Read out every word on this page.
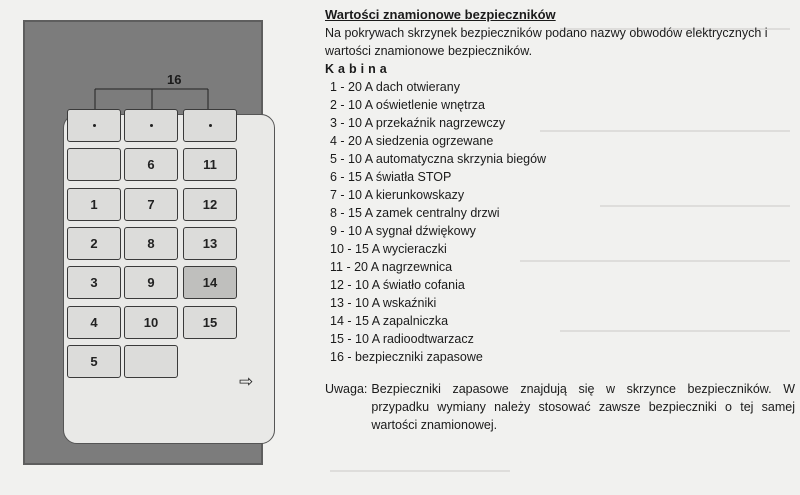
16
6	11
1	7	12
2	8	13
3	9	14
4	10	15
5
⇨

Wartości znamionowe bezpieczników

Na pokrywach skrzynek bezpieczników podano nazwy obwodów elektrycznych i wartości znamionowe bezpieczników.

Kabina

1 - 20 A dach otwierany
2 - 10 A oświetlenie wnętrza
3 - 10 A przekaźnik nagrzewczy
4 - 20 A siedzenia ogrzewane
5 - 10 A automatyczna skrzynia biegów
6 - 15 A światła STOP
7 - 10 A kierunkowskazy
8 - 15 A zamek centralny drzwi
9 - 10 A sygnał dźwiękowy
10 - 15 A wycieraczki
11 - 20 A nagrzewnica
12 - 10 A światło cofania
13 - 10 A wskaźniki
14 - 15 A zapalniczka
15 - 10 A radioodtwarzacz
16 - bezpieczniki zapasowe
Uwaga: Bezpieczniki zapasowe znajdują się w skrzynce bezpieczników. W przypadku wymiany należy stosować zawsze bezpieczniki o tej samej wartości znamionowej.
